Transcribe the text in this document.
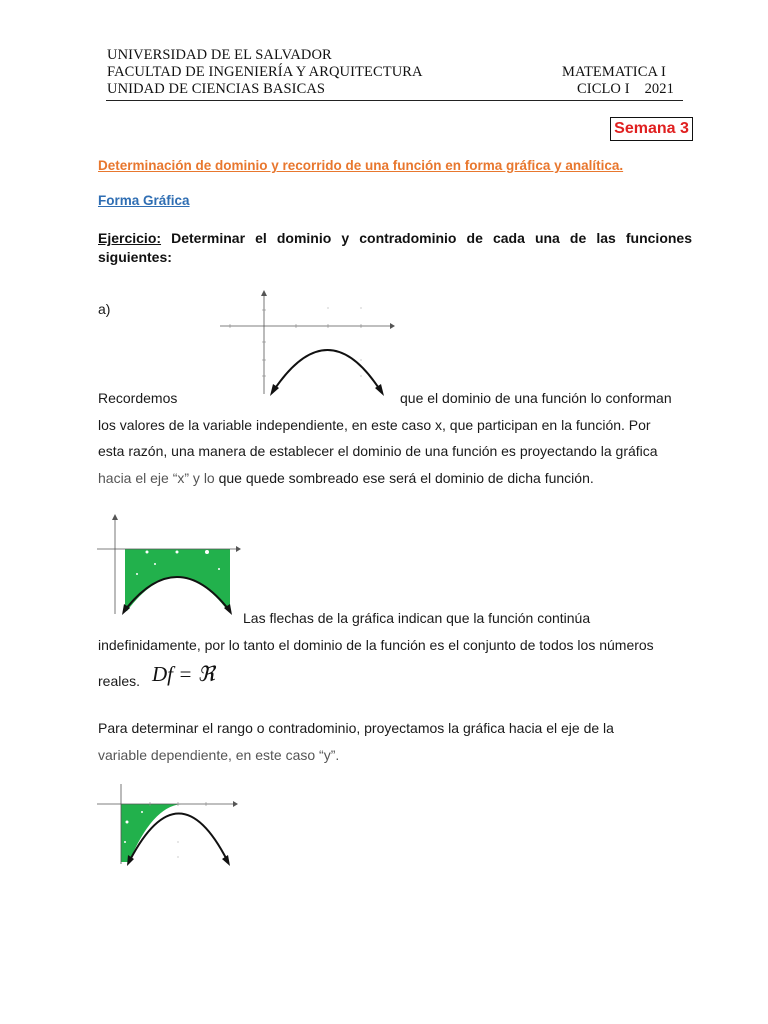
UNIVERSIDAD DE EL SALVADOR
FACULTAD DE INGENIERÍA Y ARQUITECTURA
UNIDAD DE CIENCIAS BASICAS
MATEMATICA I
CICLO I 2021
Semana 3
Determinación de dominio y recorrido de una función en forma gráfica y analítica.
Forma Gráfica
Ejercicio: Determinar el dominio y contradominio de cada una de las funciones siguientes:
a)
Recordemos	que el dominio de una función lo conforman
los valores de la variable independiente, en este caso x, que participan en la función. Por
esta razón, una manera de establecer el dominio de una función es proyectando la gráfica
hacia el eje “x” y lo que quede sombreado ese será el dominio de dicha función.
Las flechas de la gráfica indican que la función continúa
indefinidamente, por lo tanto el dominio de la función es el conjunto de todos los números
reales. Df = ℜ
Para determinar el rango o contradominio, proyectamos la gráfica hacia el eje de la
variable dependiente, en este caso “y”.
